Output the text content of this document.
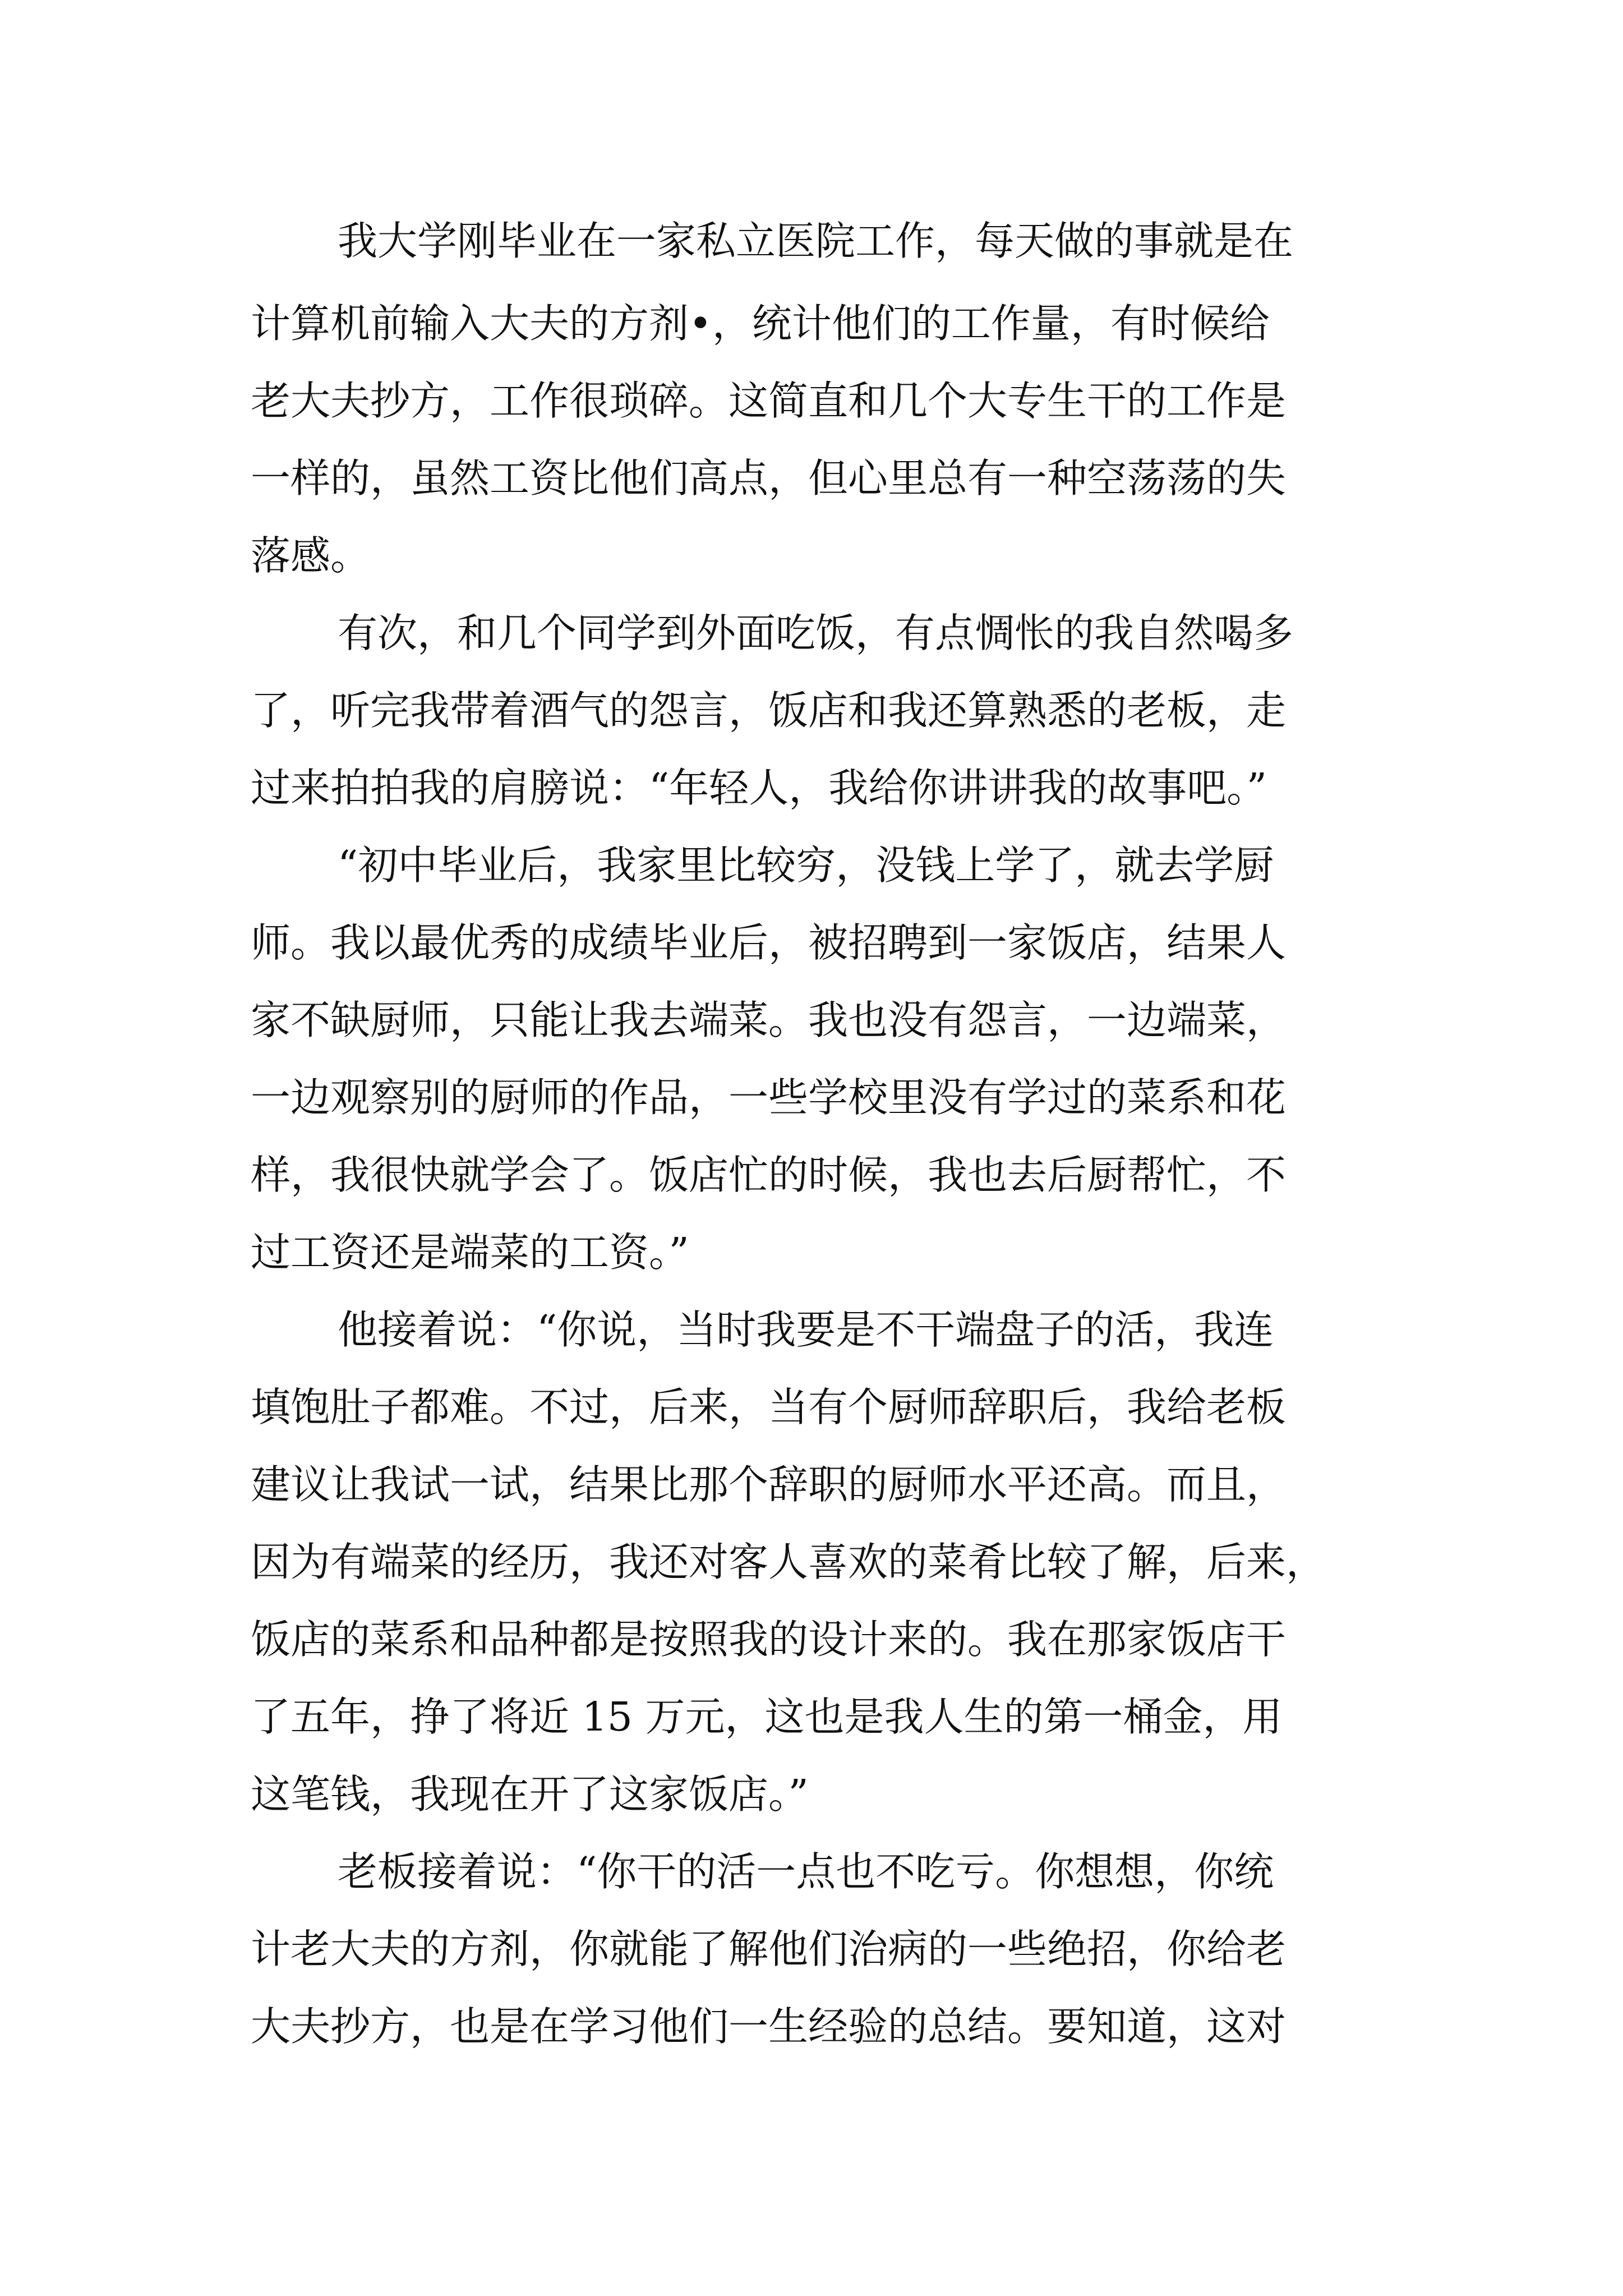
我大学刚毕业在一家私立医院工作，每天做的事就是在
计算机前输入大夫的方剂•，统计他们的工作量，有时候给
老大夫抄方，工作很琐碎。这简直和几个大专生干的工作是
一样的，虽然工资比他们高点，但心里总有一种空荡荡的失
落感。
有次，和几个同学到外面吃饭，有点惆怅的我自然喝多
了，听完我带着酒气的怨言，饭店和我还算熟悉的老板，走
过来拍拍我的肩膀说：“年轻人，我给你讲讲我的故事吧。”
“初中毕业后，我家里比较穷，没钱上学了，就去学厨
师。我以最优秀的成绩毕业后，被招聘到一家饭店，结果人
家不缺厨师，只能让我去端菜。我也没有怨言，一边端菜，
一边观察别的厨师的作品，一些学校里没有学过的菜系和花
样，我很快就学会了。饭店忙的时候，我也去后厨帮忙，不
过工资还是端菜的工资。”
他接着说：“你说，当时我要是不干端盘子的活，我连
填饱肚子都难。不过，后来，当有个厨师辞职后，我给老板
建议让我试一试，结果比那个辞职的厨师水平还高。而且，
因为有端菜的经历，我还对客人喜欢的菜肴比较了解，后来，
饭店的菜系和品种都是按照我的设计来的。我在那家饭店干
了五年，挣了将近 15 万元，这也是我人生的第一桶金，用
这笔钱，我现在开了这家饭店。”
老板接着说：“你干的活一点也不吃亏。你想想，你统
计老大夫的方剂，你就能了解他们治病的一些绝招，你给老
大夫抄方，也是在学习他们一生经验的总结。要知道，这对
